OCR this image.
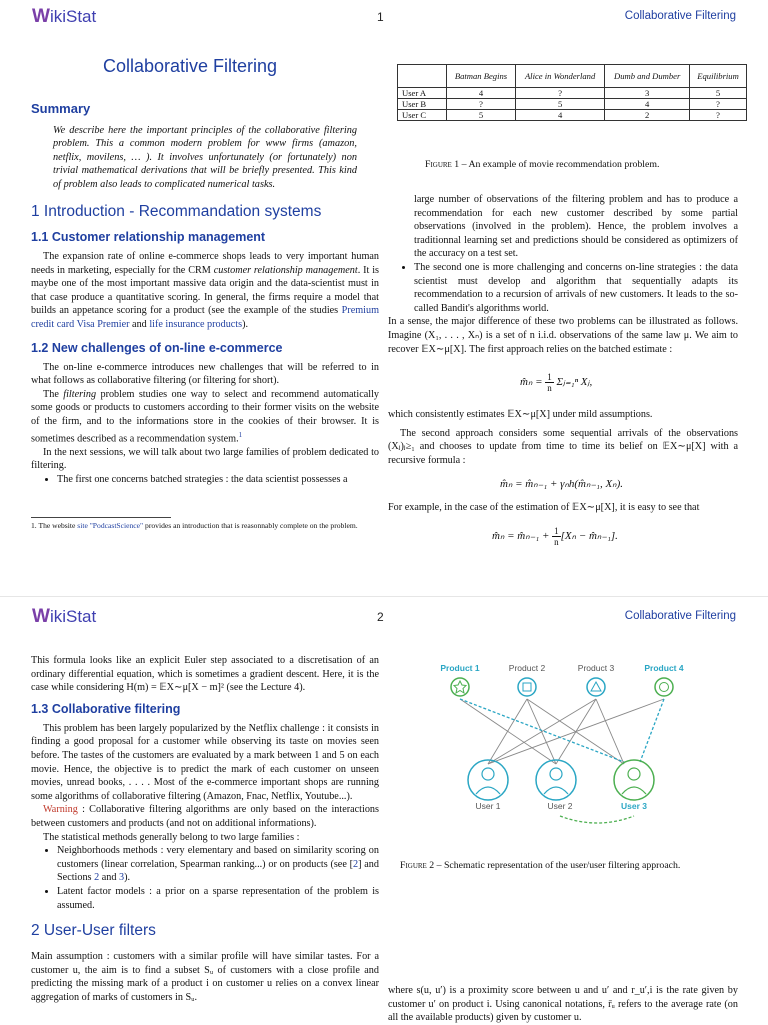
WikiStat	1	Collaborative Filtering
Collaborative Filtering
Summary
We describe here the important principles of the collaborative filtering problem. This a common modern problem for www firms (amazon, netflix, movilens, … ). It involves unfortunately (or fortunately) non trivial mathematical derivations that will be briefly presented. This kind of problem also leads to complicated numerical tasks.
1 Introduction - Recommandation systems
1.1 Customer relationship management

The expansion rate of online e-commerce shops leads to very important human needs in marketing, especially for the CRM customer relationship management. It is maybe one of the most important massive data origin and the data-scientist must in that case produce a quantitative scoring. In general, the firms require a model that builds an appetance scoring for a product (see the example of the studies Premium credit card Visa Premier and life insurance products).

1.2 New challenges of on-line e-commerce

The on-line e-commerce introduces new challenges that will be referred to in what follows as collaborative filtering (or filtering for short).

The filtering problem studies one way to select and recommend automatically some goods or products to customers according to their former visits on the website of the firm, and to the informations store in the cookies of their browser. It is sometimes described as a recommendation system.$^1$

In the next sessions, we will talk about two large families of problem dedicated to filtering.

• The first one concerns batched strategies : the data scientist possesses a
1. The website site "PodcastScience" provides an introduction that is reasonnably complete on the problem.
	Batman Begins	Alice in Wonderland	Dumb and Dumber	Equilibrium
User A	4	?	3	5
User B	?	5	4	?
User C	5	4	2	?
Figure 1 – An example of movie recommendation problem.

large number of observations of the filtering problem and has to produce a recommendation for each new customer described by some partial observations (involved in the problem). Hence, the problem involves a traditionnal learning set and predictions should be considered as optimizers of the accuracy on a test set.

• The second one is more challenging and concerns on-line strategies : the data scientist must develop and algorithm that sequentially adapts its recommendation to a recursion of arrivals of new customers. It leads to the so-called Bandit's algorithms world.

In a sense, the major difference of these two problems can be illustrated as follows. Imagine (X₁, . . . , Xₙ) is a set of n i.i.d. observations of the same law μ. We aim to recover 𝔼X∼μ[X]. The first approach relies on the batched estimate :

m̂ₙ = $\frac{1}{n}$ Σⱼ₌₁ⁿ Xⱼ,

which consistently estimates 𝔼X∼μ[X] under mild assumptions.

The second approach considers some sequential arrivals of the observations (Xⱼ)ⱼ≥₁ and chooses to update from time to time its belief on 𝔼X∼μ[X] with a recursive formula :

m̂ₙ = m̂ₙ₋₁ + γₙh(m̂ₙ₋₁, Xₙ).

For example, in the case of the estimation of 𝔼X∼μ[X], it is easy to see that

m̂ₙ = m̂ₙ₋₁ + $\frac{1}{n}[X_n$ − m̂ₙ₋₁].
WikiStat	2	Collaborative Filtering

This formula looks like an explicit Euler step associated to a discretisation of an ordinary differential equation, which is sometimes a gradient descent. Here, it is the case while considering H(m) = 𝔼X∼μ[X − m]² (see the Lecture 4).

1.3 Collaborative filtering

This problem has been largely popularized by the Netflix challenge : it consists in finding a good proposal for a customer while observing its taste on movies seen before. The tastes of the customers are evaluated by a mark between 1 and 5 on each movie. Hence, the objective is to predict the mark of each customer on unseen movies, unread books, . . . . Most of the e-commerce important shops are running some algorithms of collaborative filtering (Amazon, Fnac, Netflix, Youtube...).

Warning : Collaborative filtering algorithms are only based on the interactions between customers and products (and not on additional informations).

The statistical methods generally belong to two large families :

• Neighborhoods methods : very elementary and based on similarity scoring on customers (linear correlation, Spearman ranking...) or on products (see [2] and Sections 2 and 3).
• Latent factor models : a prior on a sparse representation of the problem is assumed.
2 User-User filters

Main assumption : customers with a similar profile will have similar tastes. For a customer u, the aim is to find a subset Sᵤ of customers with a close profile and predicting the missing mark of a product i on customer u relies on a convex linear aggregation of marks of customers in Sᵤ.

Figure 2 – Schematic representation of the user/user filtering approach.

where s(u, u′) is a proximity score between u and u′ and r_u′,i is the rate given by customer u′ on product i. Using canonical notations, r̄ᵤ refers to the average rate (on all the available products) given by customer u.

Product 1	Product 2	Product 3	Product 4
User 1	User 2	User 3
